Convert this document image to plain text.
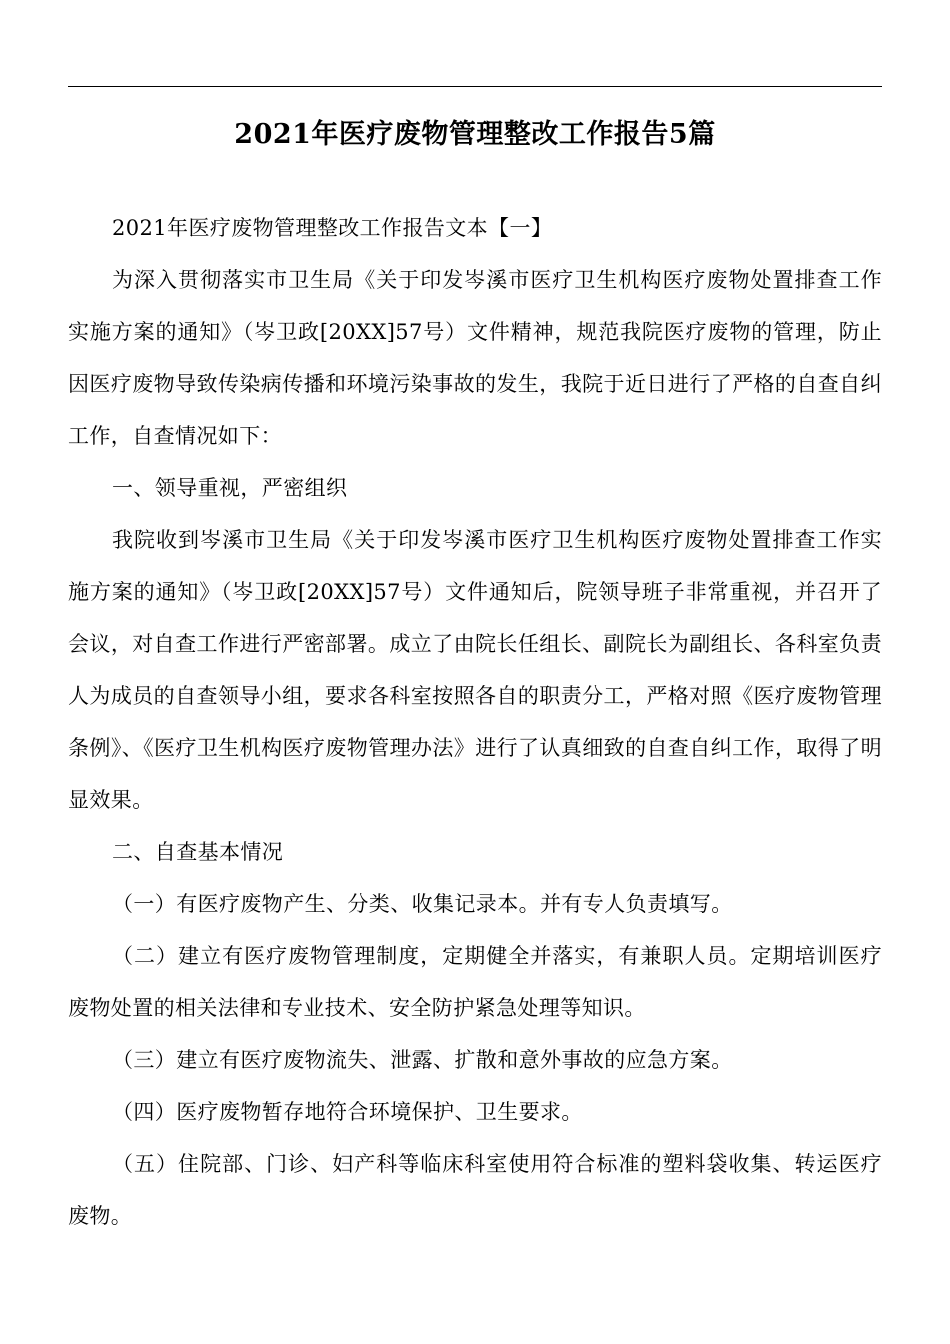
2021年医疗废物管理整改工作报告5篇

2021年医疗废物管理整改工作报告文本【一】

为深入贯彻落实市卫生局《关于印发岑溪市医疗卫生机构医疗废物处置排查工作实施方案的通知》（岑卫政[20XX]57号）文件精神，规范我院医疗废物的管理，防止因医疗废物导致传染病传播和环境污染事故的发生，我院于近日进行了严格的自查自纠工作，自查情况如下：

一、领导重视，严密组织

我院收到岑溪市卫生局《关于印发岑溪市医疗卫生机构医疗废物处置排查工作实施方案的通知》（岑卫政[20XX]57号）文件通知后，院领导班子非常重视，并召开了会议，对自查工作进行严密部署。成立了由院长任组长、副院长为副组长、各科室负责人为成员的自查领导小组，要求各科室按照各自的职责分工，严格对照《医疗废物管理条例》、《医疗卫生机构医疗废物管理办法》进行了认真细致的自查自纠工作，取得了明显效果。

二、自查基本情况

（一）有医疗废物产生、分类、收集记录本。并有专人负责填写。

（二）建立有医疗废物管理制度，定期健全并落实，有兼职人员。定期培训医疗废物处置的相关法律和专业技术、安全防护紧急处理等知识。

（三）建立有医疗废物流失、泄露、扩散和意外事故的应急方案。

（四）医疗废物暂存地符合环境保护、卫生要求。

（五）住院部、门诊、妇产科等临床科室使用符合标准的塑料袋收集、转运医疗废物。
